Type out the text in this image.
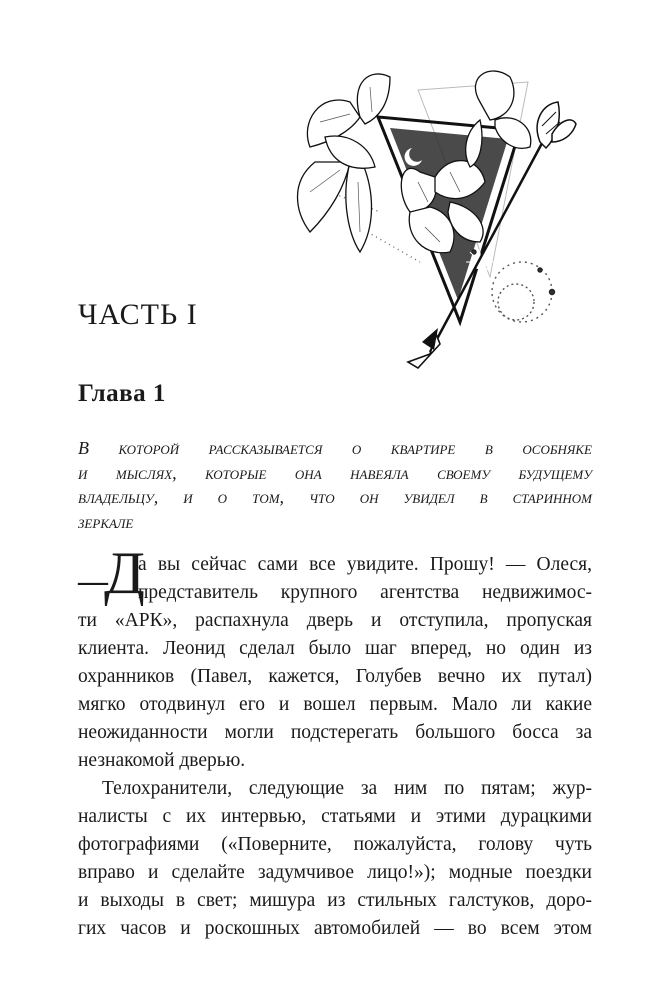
ЧАСТЬ I
Глава 1
В которой рассказывается о квартире в особняке
и мыслях, которые она навеяла своему будущему
владельцу, и о том, что он увидел в старинном
зеркале
—
Д
а вы сейчас сами все увидите. Прошу! — Олеся,
представитель крупного агентства недвижимос-
ти «АРК», распахнула дверь и отступила, пропуская
клиента. Леонид сделал было шаг вперед, но один из
охранников (Павел, кажется, Голубев вечно их путал)
мягко отодвинул его и вошел первым. Мало ли какие
неожиданности могли подстерегать большого босса за
незнакомой дверью.
Телохранители, следующие за ним по пятам; жур-
налисты с их интервью, статьями и этими дурацкими
фотографиями («Поверните, пожалуйста, голову чуть
вправо и сделайте задумчивое лицо!»); модные поездки
и выходы в свет; мишура из стильных галстуков, доро-
гих часов и роскошных автомобилей — во всем этом
